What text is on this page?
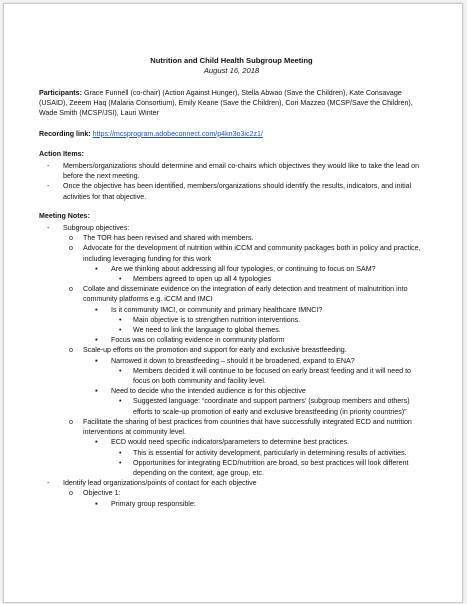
Nutrition and Child Health Subgroup Meeting
August 16, 2018
Participants: Grace Funnell (co-chair) (Action Against Hunger), Stella Abwao (Save the Children), Kate Consavage (USAID), Zeeem Haq (Malaria Consortium), Emily Keane (Save the Children), Cori Mazzeo (MCSP/Save the Children), Wade Smith (MCSP/JSI), Lauri Winter
Recording link: https://mcsprogram.adobeconnect.com/p4kn3o3ic2z1/
Action Items:
- Members/organizations should determine and email co-chairs which objectives they would like to take the lead on before the next meeting.
- Once the objective has been identified, members/organizations should identify the results, indicators, and initial activities for that objective.
Meeting Notes:
- Subgroup objectives:
o The TOR has been revised and shared with members.
o Advocate for the development of nutrition within iCCM and community packages both in policy and practice, including leveraging funding for this work
▪ Are we thinking about addressing all four typologies, or continuing to focus on SAM?
• Members agreed to open up all 4 typologies
o Collate and disseminate evidence on the integration of early detection and treatment of malnutrition into community platforms e.g. iCCM and IMCI
▪ Is it community IMCI, or community and primary healthcare IMNCI?
• Main objective is to strengthen nutrition interventions.
• We need to link the language to global themes.
▪ Focus was on collating evidence in community platform
o Scale-up efforts on the promotion and support for early and exclusive breastfeeding.
▪ Narrowed it down to breastfeeding – should it be broadened, expand to ENA?
• Members decided it will continue to be focused on early breast feeding and it will need to focus on both community and facility level.
▪ Need to decide who the intended audience is for this objective
• Suggested language: “coordinate and support partners’ (subgroup members and others) efforts to scale-up promotion of early and exclusive breastfeeding (in priority countries)”
o Facilitate the sharing of best practices from countries that have successfully integrated ECD and nutrition interventions at community level.
▪ ECD would need specific indicators/parameters to determine best practices.
• This is essential for activity development, particularly in determining results of activities.
• Opportunities for integrating ECD/nutrition are broad, so best practices will look different depending on the context, age group, etc.
- Identify lead organizations/points of contact for each objective
o Objective 1:
▪ Primary group responsible:
